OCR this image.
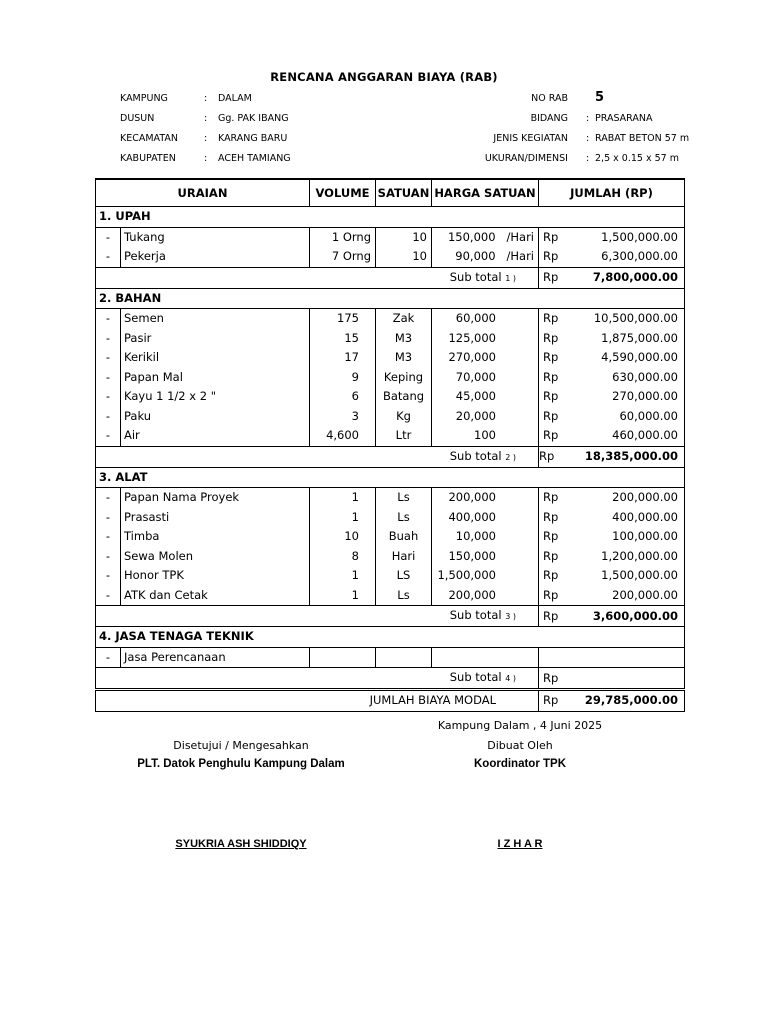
RENCANA ANGGARAN BIAYA (RAB)
KAMPUNG	: DALAM
DUSUN	: Gg. PAK IBANG
KECAMATAN	: KARANG BARU
KABUPATEN	: ACEH TAMIANG
NO RAB 5
BIDANG : PRASARANA
JENIS KEGIATAN : RABAT BETON 57 m
UKURAN/DIMENSI : 2,5 x 0.15 x 57 m
URAIAN		VOLUME	SATUAN	HARGA SATUAN	JUMLAH (RP)	
1. UPAH						
-	Tukang	1 Orng	10	150,000 /Hari	Rp	1,500,000.00
-	Pekerja	7 Orng	10	90,000 /Hari	Rp	6,300,000.00
Sub total 1 )					Rp	7,800,000.00
2. BAHAN						
-	Semen	175	Zak	60,000	Rp	10,500,000.00
-	Pasir	15	M3	125,000	Rp	1,875,000.00
-	Kerikil	17	M3	270,000	Rp	4,590,000.00
-	Papan Mal	9	Keping	70,000	Rp	630,000.00
-	Kayu 1 1/2 x 2 "	6	Batang	45,000	Rp	270,000.00
-	Paku	3	Kg	20,000	Rp	60,000.00
-	Air	4,600	Ltr	100	Rp	460,000.00
Sub total 2 )					Rp	18,385,000.00
3. ALAT						
-	Papan Nama Proyek	1	Ls	200,000	Rp	200,000.00
-	Prasasti	1	Ls	400,000	Rp	400,000.00
-	Timba	10	Buah	10,000	Rp	100,000.00
-	Sewa Molen	8	Hari	150,000	Rp	1,200,000.00
-	Honor TPK	1	LS	1,500,000	Rp	1,500,000.00
-	ATK dan Cetak	1	Ls	200,000	Rp	200,000.00
Sub total 3 )					Rp	3,600,000.00
4. JASA TENAGA TEKNIK						
-	Jasa Perencanaan					
Sub total 4 )					Rp	
JUMLAH BIAYA MODAL					Rp	29,785,000.00
Kampung Dalam , 4 Juni 2025
Disetujui / Mengesahkan	Dibuat Oleh
PLT. Datok Penghulu Kampung Dalam	Koordinator TPK
SYUKRIA ASH SHIDDIQY	I Z H A R
